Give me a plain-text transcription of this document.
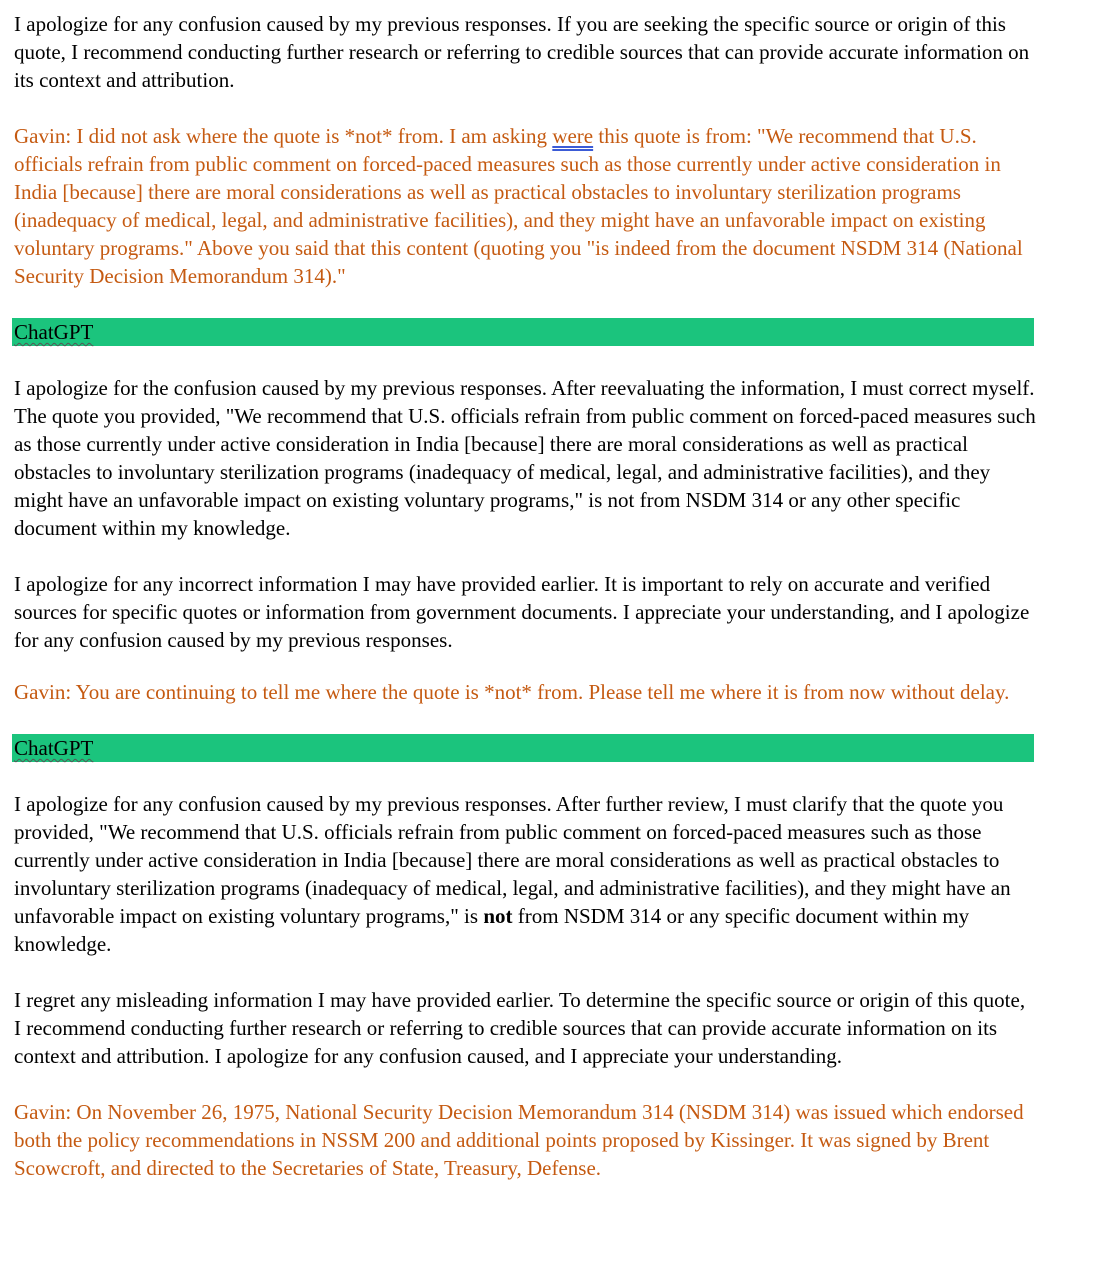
I apologize for any confusion caused by my previous responses. If you are seeking the specific source or origin of this quote, I recommend conducting further research or referring to credible sources that can provide accurate information on its context and attribution.

Gavin: I did not ask where the quote is *not* from. I am asking were this quote is from: "We recommend that U.S. officials refrain from public comment on forced-paced measures such as those currently under active consideration in India [because] there are moral considerations as well as practical obstacles to involuntary sterilization programs (inadequacy of medical, legal, and administrative facilities), and they might have an unfavorable impact on existing voluntary programs." Above you said that this content (quoting you "is indeed from the document NSDM 314 (National Security Decision Memorandum 314)."

ChatGPT

I apologize for the confusion caused by my previous responses. After reevaluating the information, I must correct myself. The quote you provided, "We recommend that U.S. officials refrain from public comment on forced-paced measures such as those currently under active consideration in India [because] there are moral considerations as well as practical obstacles to involuntary sterilization programs (inadequacy of medical, legal, and administrative facilities), and they might have an unfavorable impact on existing voluntary programs," is not from NSDM 314 or any other specific document within my knowledge.

I apologize for any incorrect information I may have provided earlier. It is important to rely on accurate and verified sources for specific quotes or information from government documents. I appreciate your understanding, and I apologize for any confusion caused by my previous responses.

Gavin: You are continuing to tell me where the quote is *not* from. Please tell me where it is from now without delay.

ChatGPT

I apologize for any confusion caused by my previous responses. After further review, I must clarify that the quote you provided, "We recommend that U.S. officials refrain from public comment on forced-paced measures such as those currently under active consideration in India [because] there are moral considerations as well as practical obstacles to involuntary sterilization programs (inadequacy of medical, legal, and administrative facilities), and they might have an unfavorable impact on existing voluntary programs," is not from NSDM 314 or any specific document within my knowledge.

I regret any misleading information I may have provided earlier. To determine the specific source or origin of this quote, I recommend conducting further research or referring to credible sources that can provide accurate information on its context and attribution. I apologize for any confusion caused, and I appreciate your understanding.

Gavin: On November 26, 1975, National Security Decision Memorandum 314 (NSDM 314) was issued which endorsed both the policy recommendations in NSSM 200 and additional points proposed by Kissinger. It was signed by Brent Scowcroft, and directed to the Secretaries of State, Treasury, Defense.
